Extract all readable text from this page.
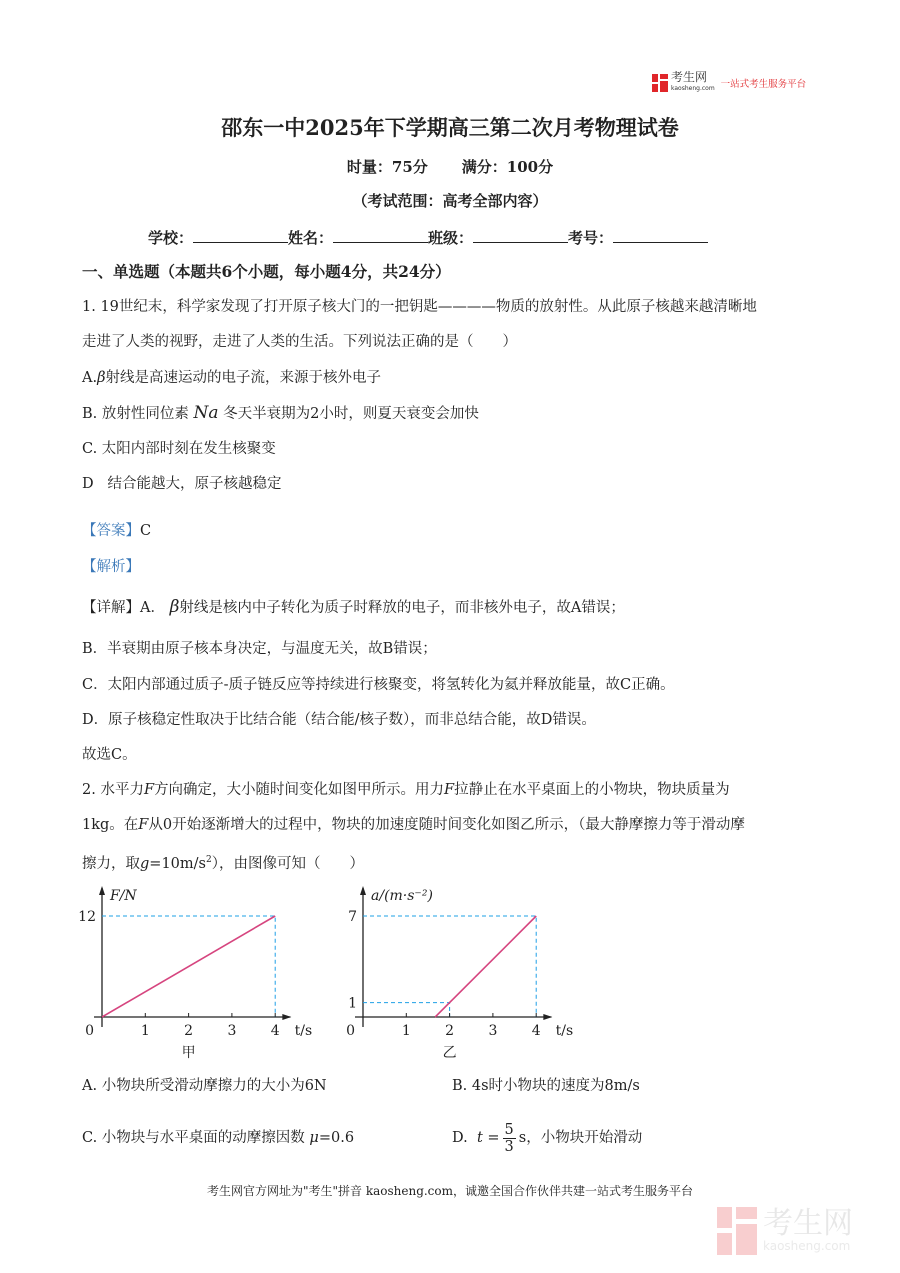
考生网
kaosheng.com 一站式考生服务平台
邵东一中2025年下学期高三第二次月考物理试卷
时量：75分 满分：100分
（考试范围：高考全部内容）
学校：	姓名：	班级：	考号：
一、单选题（本题共6个小题，每小题4分，共24分）
1. 19世纪末，科学家发现了打开原子核大门的一把钥匙————物质的放射性。从此原子核越来越清晰地
走进了人类的视野，走进了人类的生活。下列说法正确的是（　　）
A.β射线是高速运动的电子流，来源于核外电子
B. 放射性同位素 Na 冬天半衰期为2小时，则夏天衰变会加快
C. 太阳内部时刻在发生核聚变
D   结合能越大，原子核越稳定
【答案】C
【解析】
【详解】A． β射线是核内中子转化为质子时释放的电子，而非核外电子，故A错误；
B．半衰期由原子核本身决定，与温度无关，故B错误；
C．太阳内部通过质子-质子链反应等持续进行核聚变，将氢转化为氦并释放能量，故C正确。
D．原子核稳定性取决于比结合能（结合能/核子数），而非总结合能，故D错误。
故选C。
2. 水平力F方向确定，大小随时间变化如图甲所示。用力F拉静止在水平桌面上的小物块，物块质量为
1kg。在F从0开始逐渐增大的过程中，物块的加速度随时间变化如图乙所示，（最大静摩擦力等于滑动摩
擦力，取$g=10m/s^2$），由图像可知（　　）
1 2 3 4
12
0
F/N
t/s
甲
1 2 3 4
1
7
0
a/(m·s⁻²)
t/s
乙
A. 小物块所受滑动摩擦力的大小为6N	B. 4s时小物块的速度为8m/s
C. 小物块与水平桌面的动摩擦因数 μ=0.6	D. $t = \frac{5}{3}$ s，小物块开始滑动
考生网官方网址为"考生"拼音 kaosheng.com，诚邀全国合作伙伴共建一站式考生服务平台
考生网
kaosheng.com
